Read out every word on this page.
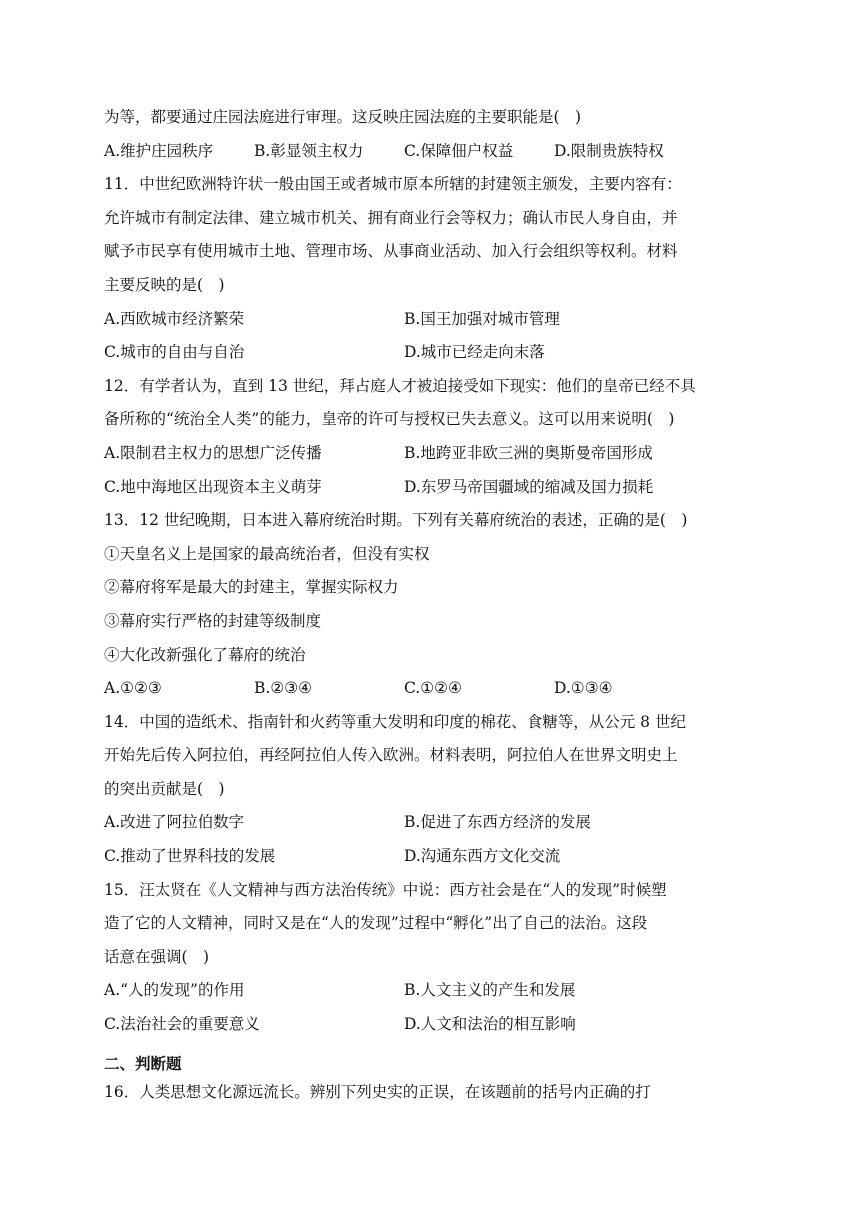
为等，都要通过庄园法庭进行审理。这反映庄园法庭的主要职能是(　)
A.维护庄园秩序	B.彰显领主权力	C.保障佃户权益	D.限制贵族特权
11．中世纪欧洲特许状一般由国王或者城市原本所辖的封建领主颁发，主要内容有：
允许城市有制定法律、建立城市机关、拥有商业行会等权力；确认市民人身自由，并
赋予市民享有使用城市土地、管理市场、从事商业活动、加入行会组织等权利。材料
主要反映的是(　)
A.西欧城市经济繁荣	B.国王加强对城市管理
C.城市的自由与自治	D.城市已经走向末落
12．有学者认为，直到 13 世纪，拜占庭人才被迫接受如下现实：他们的皇帝已经不具
备所称的“统治全人类”的能力，皇帝的许可与授权已失去意义。这可以用来说明(　)
A.限制君主权力的思想广泛传播	B.地跨亚非欧三洲的奥斯曼帝国形成
C.地中海地区出现资本主义萌芽	D.东罗马帝国疆域的缩减及国力损耗
13．12 世纪晚期，日本进入幕府统治时期。下列有关幕府统治的表述，正确的是(　)
①天皇名义上是国家的最高统治者，但没有实权
②幕府将军是最大的封建主，掌握实际权力
③幕府实行严格的封建等级制度
④大化改新强化了幕府的统治
A.①②③	B.②③④	C.①②④	D.①③④
14．中国的造纸术、指南针和火药等重大发明和印度的棉花、食糖等，从公元 8 世纪
开始先后传入阿拉伯，再经阿拉伯人传入欧洲。材料表明，阿拉伯人在世界文明史上
的突出贡献是(　)
A.改进了阿拉伯数字	B.促进了东西方经济的发展
C.推动了世界科技的发展	D.沟通东西方文化交流
15．汪太贤在《人文精神与西方法治传统》中说：西方社会是在“人的发现”时候塑
造了它的人文精神，同时又是在“人的发现”过程中“孵化”出了自己的法治。这段
话意在强调(　)
A.“人的发现”的作用	B.人文主义的产生和发展
C.法治社会的重要意义	D.人文和法治的相互影响
二、判断题
16．人类思想文化源远流长。辨别下列史实的正误，在该题前的括号内正确的打
